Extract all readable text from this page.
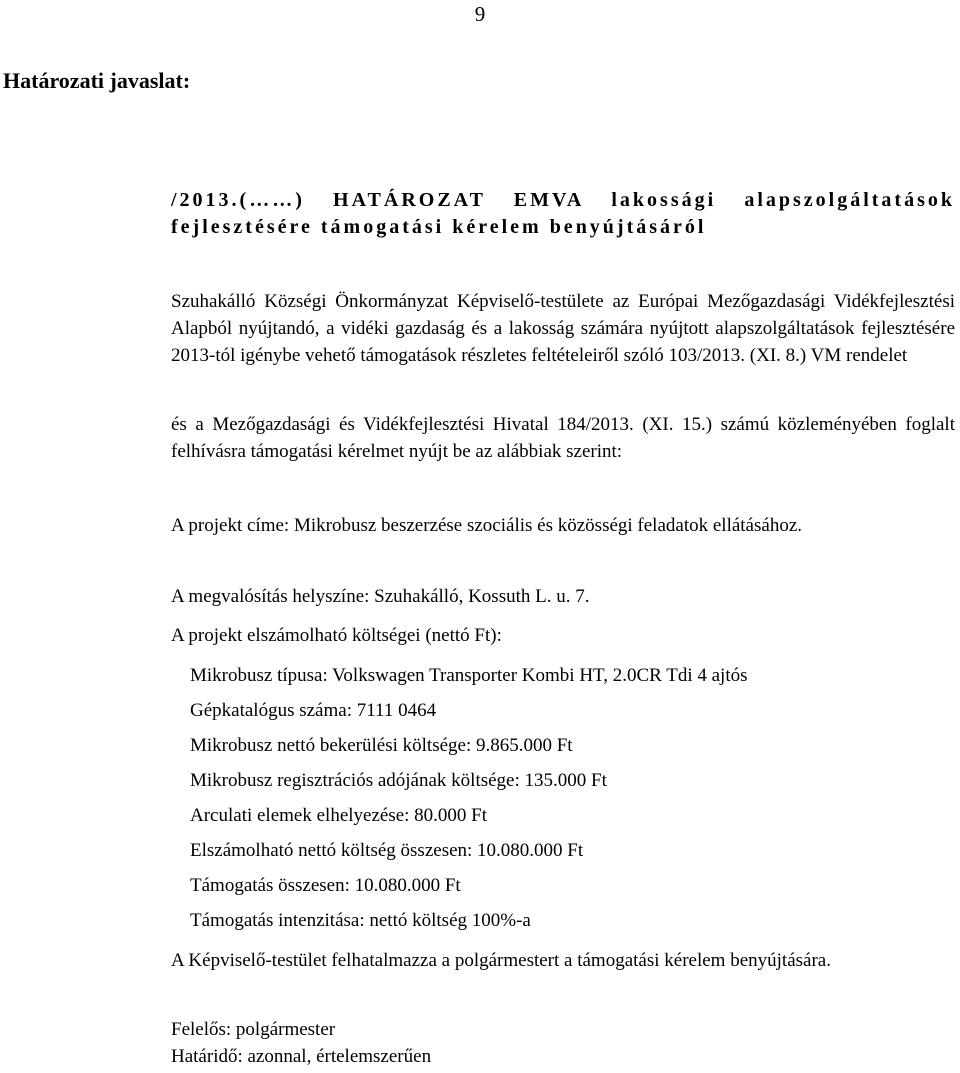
9
Határozati javaslat:
/2013.(……) HATÁROZAT EMVA lakossági alapszolgáltatások fejlesztésére támogatási kérelem benyújtásáról

Szuhakálló Községi Önkormányzat Képviselő-testülete az Európai Mezőgazdasági Vidékfejlesztési Alapból nyújtandó, a vidéki gazdaság és a lakosság számára nyújtott alapszolgáltatások fejlesztésére 2013-tól igénybe vehető támogatások részletes feltételeiről szóló 103/2013. (XI. 8.) VM rendelet

és a Mezőgazdasági és Vidékfejlesztési Hivatal 184/2013. (XI. 15.) számú közleményében foglalt felhívásra támogatási kérelmet nyújt be az alábbiak szerint:

A projekt címe: Mikrobusz beszerzése szociális és közösségi feladatok ellátásához.

A megvalósítás helyszíne: Szuhakálló, Kossuth L. u. 7.

A projekt elszámolható költségei (nettó Ft):

Mikrobusz típusa: Volkswagen Transporter Kombi HT, 2.0CR Tdi 4 ajtós
Gépkatalógus száma: 7111 0464
Mikrobusz nettó bekerülési költsége: 9.865.000 Ft
Mikrobusz regisztrációs adójának költsége: 135.000 Ft
Arculati elemek elhelyezése: 80.000 Ft
Elszámolható nettó költség összesen: 10.080.000 Ft
Támogatás összesen: 10.080.000 Ft
Támogatás intenzitása: nettó költség 100%-a

A Képviselő-testület felhatalmazza a polgármestert a támogatási kérelem benyújtására.

Felelős: polgármester

Határidő: azonnal, értelemszerűen
